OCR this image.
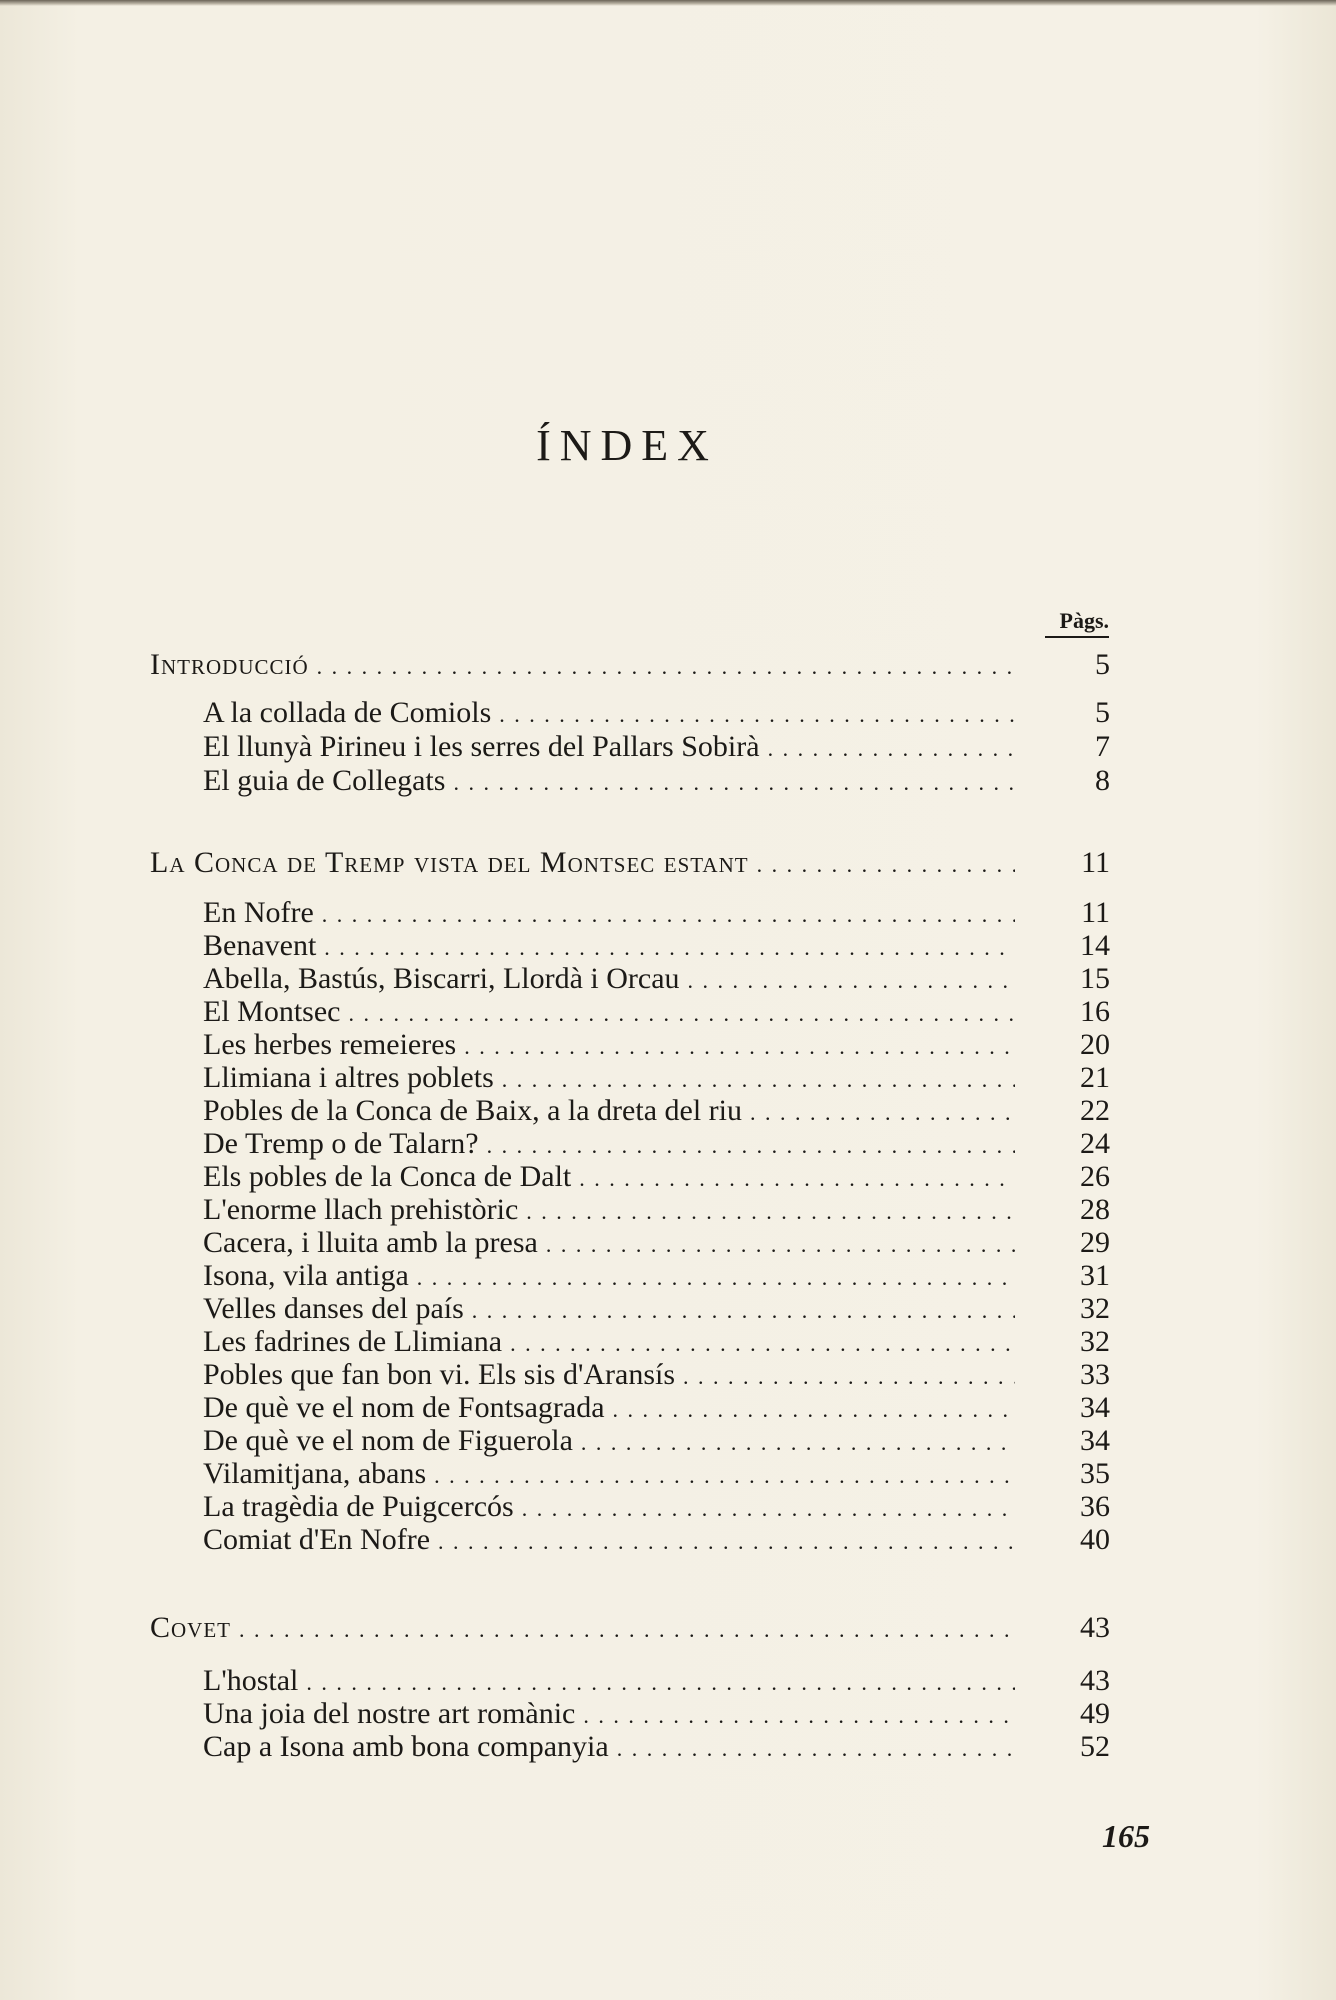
ÍNDEX
Pàgs.
Introducció . . .	5
A la collada de Comiols . . .	5
El llunyà Pirineu i les serres del Pallars Sobirà . . .	7
El guia de Collegats . . .	8
La Conca de Tremp vista del Montsec estant . . .	11
En Nofre . . .	11
Benavent . . .	14
Abella, Bastús, Biscarri, Llordà i Orcau . . .	15
El Montsec . . .	16
Les herbes remeieres . . .	20
Llimiana i altres poblets . . .	21
Pobles de la Conca de Baix, a la dreta del riu . . .	22
De Tremp o de Talarn? . . .	24
Els pobles de la Conca de Dalt . . .	26
L'enorme llach prehistòric . . .	28
Cacera, i lluita amb la presa . . .	29
Isona, vila antiga . . .	31
Velles danses del país . . .	32
Les fadrines de Llimiana . . .	32
Pobles que fan bon vi. Els sis d'Aransís . . .	33
De què ve el nom de Fontsagrada . . .	34
De què ve el nom de Figuerola . . .	34
Vilamitjana, abans . . .	35
La tragèdia de Puigcercós . . .	36
Comiat d'En Nofre . . .	40
Covet . . .	43
L'hostal . . .	43
Una joia del nostre art romànic . . .	49
Cap a Isona amb bona companyia . . .	52
165
